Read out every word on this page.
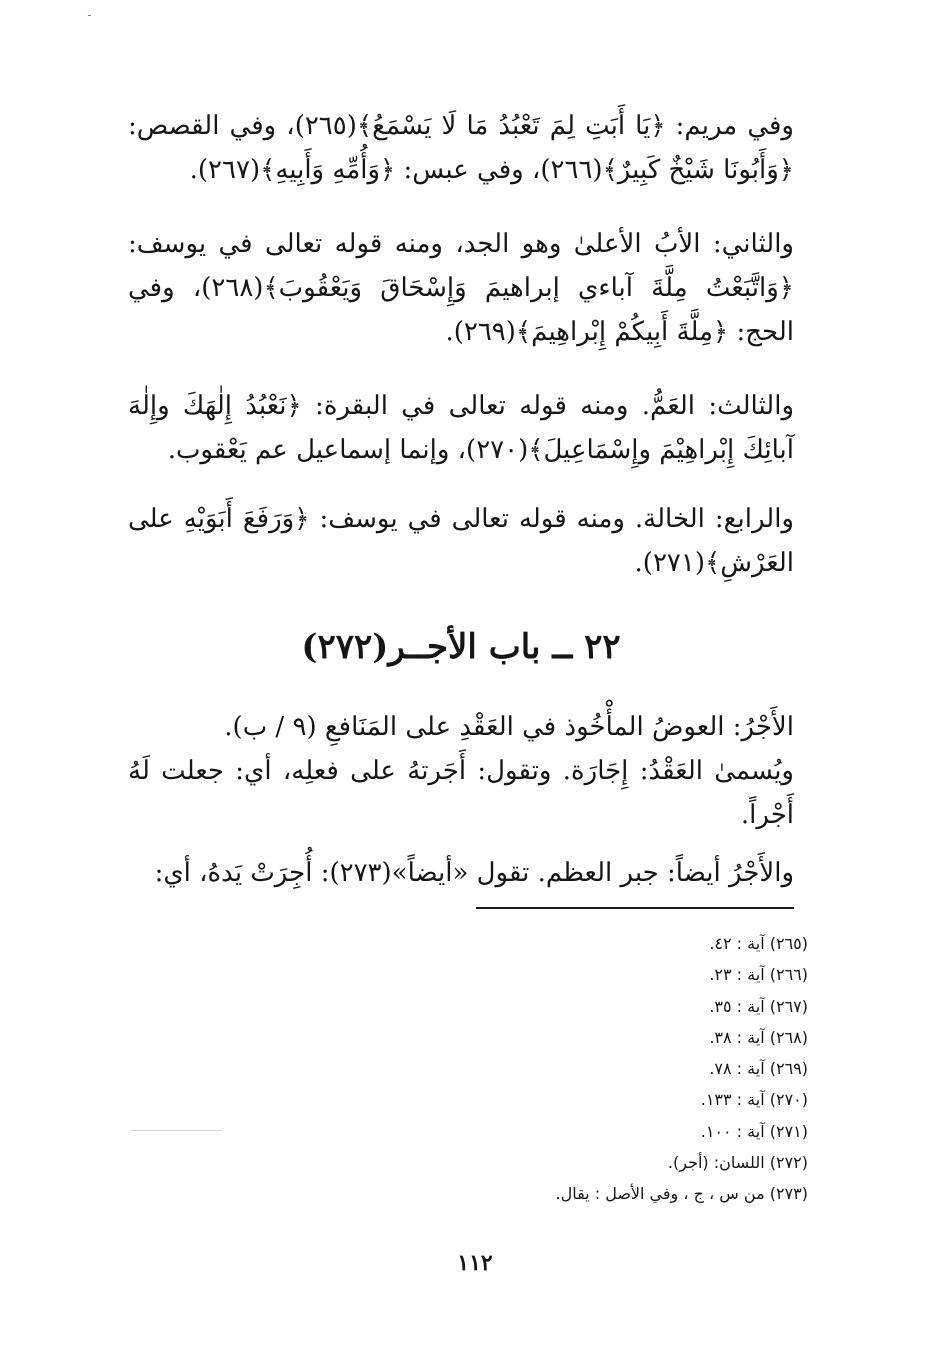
ـ

وفي مريم: ﴿يَا أَبَتِ لِمَ تَعْبُدُ مَا لَا يَسْمَعُ﴾(٢٦٥)، وفي القصص: ﴿وَأَبُونَا شَيْخٌ كَبِيرٌ﴾(٢٦٦)، وفي عبس: ﴿وَأُمِّهِ وَأَبِيهِ﴾(٢٦٧).

والثاني: الأبُ الأعلىٰ وهو الجد، ومنه قوله تعالى في يوسف: ﴿وَاتَّبَعْتُ مِلَّةَ آباءي إبراهيمَ وَإِسْحَاقَ وَيَعْقُوبَ﴾(٢٦٨)، وفي الحج: ﴿مِلَّةَ أَبِيكُمْ إِبْراهِيمَ﴾(٢٦٩).

والثالث: العَمُّ. ومنه قوله تعالى في البقرة: ﴿نَعْبُدُ إِلٰهَكَ وإِلٰهَ آبائِكَ إِبْراهِيْمَ وإِسْمَاعِيلَ﴾(٢٧٠)، وإنما إسماعيل عم يَعْقوب.

والرابع: الخالة. ومنه قوله تعالى في يوسف: ﴿وَرَفَعَ أَبَوَيْهِ على العَرْشِ﴾(٢٧١).

٢٢ ــ باب الأجــر(٢٧٢)

الأَجْرُ: العوضُ المأْخُوذ في العَقْدِ على المَنَافعِ (٩ / ب).

ويُسمىٰ العَقْدُ: إِجَارَة. وتقول: أَجَرتهُ على فعلِه، أي: جعلت لَهُ أَجْراً.

والأَجْرُ أيضاً: جبر العظم. تقول «أيضاً»(٢٧٣): أُجِرَتْ يَدهُ، أي:

(٢٦٥) آية : ٤٢.
(٢٦٦) آية : ٢٣.
(٢٦٧) آية : ٣٥.
(٢٦٨) آية : ٣٨.
(٢٦٩) آية : ٧٨.
(٢٧٠) آية : ١٣٣.
(٢٧١) آية : ١٠٠.
(٢٧٢) اللسان: (أجر).
(٢٧٣) من س ، ج ، وفي الأصل : يقال.
١١٢
